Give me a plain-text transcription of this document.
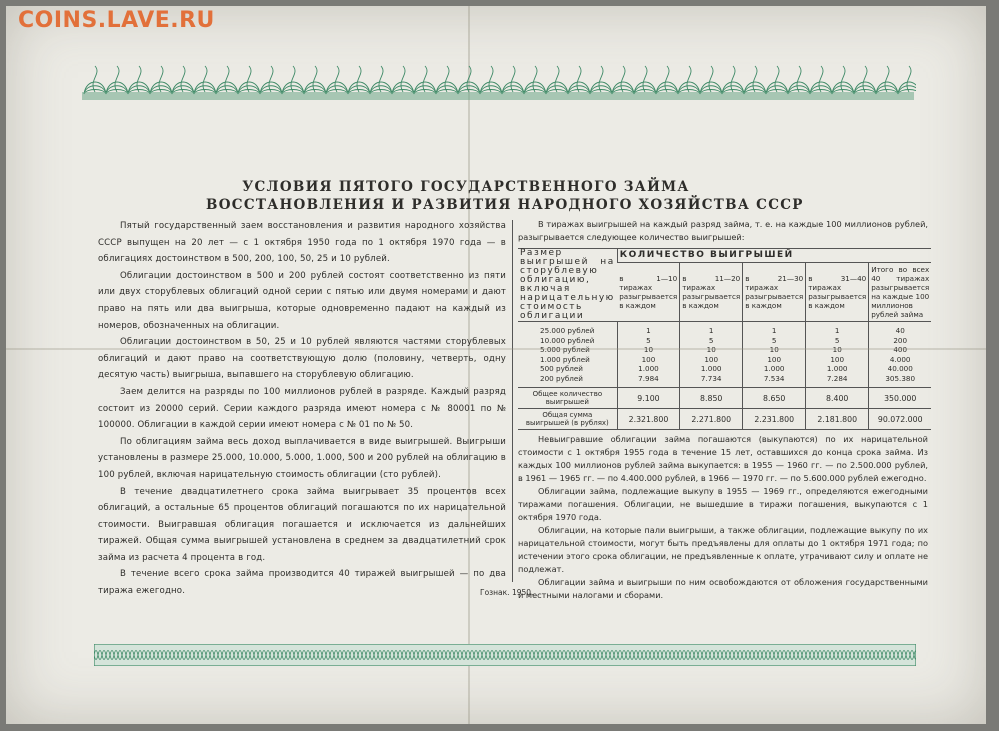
УСЛОВИЯ ПЯТОГО ГОСУДАРСТВЕННОГО ЗАЙМА
ВОССТАНОВЛЕНИЯ И РАЗВИТИЯ НАРОДНОГО ХОЗЯЙСТВА СССР

Пятый государственный заем восстановления и развития народного хозяйства СССР выпущен на 20 лет — с 1 октября 1950 года по 1 октября 1970 года — в облигациях достоинством в 500, 200, 100, 50, 25 и 10 рублей.

Облигации достоинством в 500 и 200 рублей состоят соответственно из пяти или двух сторублевых облигаций одной серии с пятью или двумя номерами и дают право на пять или два выигрыша, которые одновременно падают на каждый из номеров, обозначенных на облигации.

Облигации достоинством в 50, 25 и 10 рублей являются частями сторублевых облигаций и дают право на соответствующую долю (половину, четверть, одну десятую часть) выигрыша, выпавшего на сторублевую облигацию.

Заем делится на разряды по 100 миллионов рублей в разряде. Каждый разряд состоит из 20000 серий. Серии каждого разряда имеют номера с № 80001 по № 100000. Облигации в каждой серии имеют номера с № 01 по № 50.

По облигациям займа весь доход выплачивается в виде выигрышей. Выигрыши установлены в размере 25.000, 10.000, 5.000, 1.000, 500 и 200 рублей на облигацию в 100 рублей, включая нарицательную стоимость облигации (сто рублей).

В течение двадцатилетнего срока займа выигрывает 35 процентов всех облигаций, а остальные 65 процентов облигаций погашаются по их нарицательной стоимости. Выигравшая облигация погашается и исключается из дальнейших тиражей. Общая сумма выигрышей установлена в среднем за двадцатилетний срок займа из расчета 4 процента в год.

В течение всего срока займа производится 40 тиражей выигрышей — по два тиража ежегодно.

В тиражах выигрышей на каждый разряд займа, т. е. на каждые 100 миллионов рублей, разыгрывается следующее количество выигрышей:

Размер выигрышей на сторублевую облигацию, включая нарицательную стоимость облигации	КОЛИЧЕСТВО ВЫИГРЫШЕЙ				
	в 1—10 тиражах разыгрывается в каждом	в 11—20 тиражах разыгрывается в каждом	в 21—30 тиражах разыгрывается в каждом	в 31—40 тиражах разыгрывается в каждом	Итого во всех 40 тиражах разыгрывается на каждые 100 миллионов рублей займа
25.000 рублей	1	1	1	1	40
10.000 рублей	5	5	5	5	200
5.000 рублей	10	10	10	10	400
1.000 рублей	100	100	100	100	4.000
500 рублей	1.000	1.000	1.000	1.000	40.000
200 рублей	7.984	7.734	7.534	7.284	305.380
Общее количество выигрышей	9.100	8.850	8.650	8.400	350.000
Общая сумма выигрышей (в рублях)	2.321.800	2.271.800	2.231.800	2.181.800	90.072.000

Невыигравшие облигации займа погашаются (выкупаются) по их нарицательной стоимости с 1 октября 1955 года в течение 15 лет, оставшихся до конца срока займа. Из каждых 100 миллионов рублей займа выкупается: в 1955 — 1960 гг. — по 2.500.000 рублей, в 1961 — 1965 гг. — по 4.400.000 рублей, в 1966 — 1970 гг. — по 5.600.000 рублей ежегодно.

Облигации займа, подлежащие выкупу в 1955 — 1969 гг., определяются ежегодными тиражами погашения. Облигации, не вышедшие в тиражи погашения, выкупаются с 1 октября 1970 года.

Облигации, на которые пали выигрыши, а также облигации, подлежащие выкупу по их нарицательной стоимости, могут быть предъявлены для оплаты до 1 октября 1971 года; по истечении этого срока облигации, не предъявленные к оплате, утрачивают силу и оплате не подлежат.

Облигации займа и выигрыши по ним освобождаются от обложения государственными и местными налогами и сборами.

Гознак. 1950.
COINS.LAVE.RU
